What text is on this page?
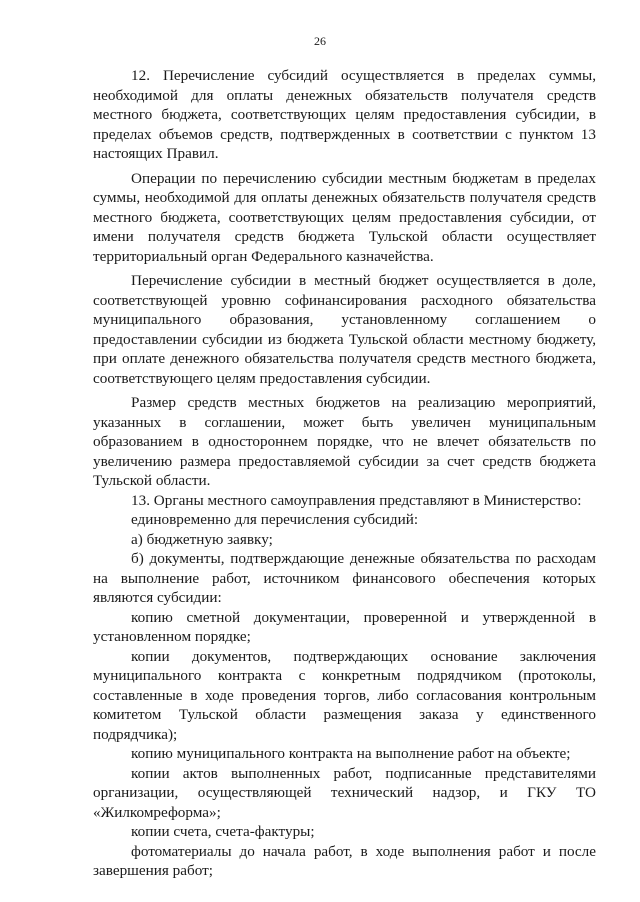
26

12. Перечисление субсидий осуществляется в пределах суммы, необходимой для оплаты денежных обязательств получателя средств местного бюджета, соответствующих целям предоставления субсидии, в пределах объемов средств, подтвержденных в соответствии с пунктом 13 настоящих Правил.

Операции по перечислению субсидии местным бюджетам в пределах суммы, необходимой для оплаты денежных обязательств получателя средств местного бюджета, соответствующих целям предоставления субсидии, от имени получателя средств бюджета Тульской области осуществляет территориальный орган Федерального казначейства.

Перечисление субсидии в местный бюджет осуществляется в доле, соответствующей уровню софинансирования расходного обязательства муниципального образования, установленному соглашением о предоставлении субсидии из бюджета Тульской области местному бюджету, при оплате денежного обязательства получателя средств местного бюджета, соответствующего целям предоставления субсидии.

Размер средств местных бюджетов на реализацию мероприятий, указанных в соглашении, может быть увеличен муниципальным образованием в одностороннем порядке, что не влечет обязательств по увеличению размера предоставляемой субсидии за счет средств бюджета Тульской области.

13. Органы местного самоуправления представляют в Министерство:

единовременно для перечисления субсидий:

а) бюджетную заявку;

б) документы, подтверждающие денежные обязательства по расходам на выполнение работ, источником финансового обеспечения которых являются субсидии:

копию сметной документации, проверенной и утвержденной в установленном порядке;

копии документов, подтверждающих основание заключения муниципального контракта с конкретным подрядчиком (протоколы, составленные в ходе проведения торгов, либо согласования контрольным комитетом Тульской области размещения заказа у единственного подрядчика);

копию муниципального контракта на выполнение работ на объекте;

копии актов выполненных работ, подписанные представителями организации, осуществляющей технический надзор, и ГКУ ТО «Жилкомреформа»;

копии счета, счета-фактуры;

фотоматериалы до начала работ, в ходе выполнения работ и после завершения работ;
